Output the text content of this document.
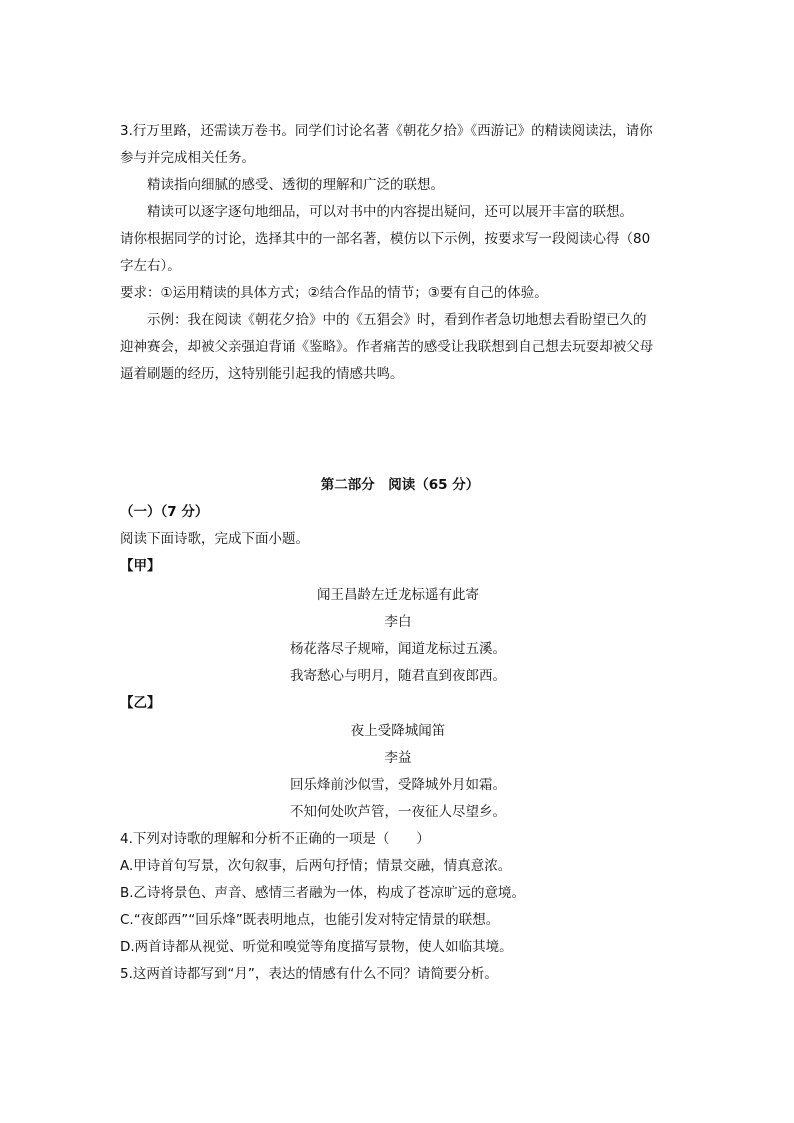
3.行万里路，还需读万卷书。同学们讨论名著《朝花夕拾》《西游记》的精读阅读法，请你
参与并完成相关任务。
精读指向细腻的感受、透彻的理解和广泛的联想。
精读可以逐字逐句地细品，可以对书中的内容提出疑问，还可以展开丰富的联想。
请你根据同学的讨论，选择其中的一部名著，模仿以下示例，按要求写一段阅读心得（80
字左右）。
要求：①运用精读的具体方式；②结合作品的情节；③要有自己的体验。
示例：我在阅读《朝花夕拾》中的《五猖会》时，看到作者急切地想去看盼望已久的
迎神赛会，却被父亲强迫背诵《鉴略》。作者痛苦的感受让我联想到自己想去玩耍却被父母
逼着刷题的经历，这特别能引起我的情感共鸣。
第二部分　阅读（65 分）
（一）（7 分）
阅读下面诗歌，完成下面小题。
【甲】
闻王昌龄左迁龙标遥有此寄
李白
杨花落尽子规啼，闻道龙标过五溪。
我寄愁心与明月，随君直到夜郎西。
【乙】
夜上受降城闻笛
李益
回乐烽前沙似雪，受降城外月如霜。
不知何处吹芦管，一夜征人尽望乡。
4.下列对诗歌的理解和分析不正确的一项是（　　）
A.甲诗首句写景，次句叙事，后两句抒情；情景交融，情真意浓。
B.乙诗将景色、声音、感情三者融为一体，构成了苍凉旷远的意境。
C.“夜郎西”“回乐烽”既表明地点，也能引发对特定情景的联想。
D.两首诗都从视觉、听觉和嗅觉等角度描写景物，使人如临其境。
5.这两首诗都写到“月”，表达的情感有什么不同？请简要分析。
